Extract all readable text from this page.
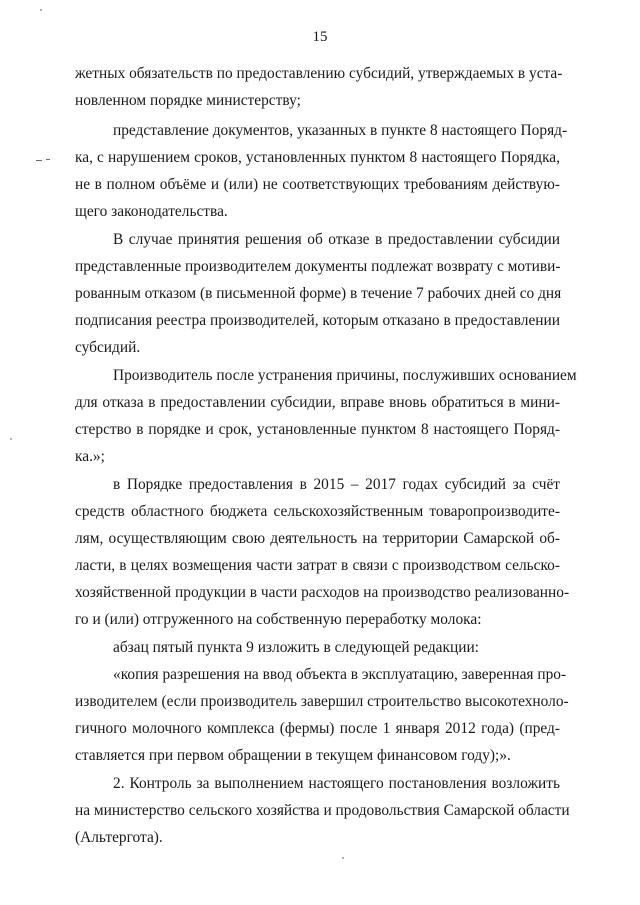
15
жетных обязательств по предоставлению субсидий, утверждаемых в уста-
новленном порядке министерству;
представление документов, указанных в пункте 8 настоящего Поряд-
ка, с нарушением сроков, установленных пунктом 8 настоящего Порядка,
не в полном объёме и (или) не соответствующих требованиям действую-
щего законодательства.
В случае принятия решения об отказе в предоставлении субсидии
представленные производителем документы подлежат возврату с мотиви-
рованным отказом (в письменной форме) в течение 7 рабочих дней со дня
подписания реестра производителей, которым отказано в предоставлении
субсидий.
Производитель после устранения причины, послуживших основанием
для отказа в предоставлении субсидии, вправе вновь обратиться в мини-
стерство в порядке и срок, установленные пунктом 8 настоящего Поряд-
ка.»;
в Порядке предоставления в 2015 – 2017 годах субсидий за счёт
средств областного бюджета сельскохозяйственным товаропроизводите-
лям, осуществляющим свою деятельность на территории Самарской об-
ласти, в целях возмещения части затрат в связи с производством сельско-
хозяйственной продукции в части расходов на производство реализованно-
го и (или) отгруженного на собственную переработку молока:
абзац пятый пункта 9 изложить в следующей редакции:
«копия разрешения на ввод объекта в эксплуатацию, заверенная про-
изводителем (если производитель завершил строительство высокотехноло-
гичного молочного комплекса (фермы) после 1 января 2012 года) (пред-
ставляется при первом обращении в текущем финансовом году);».
2. Контроль за выполнением настоящего постановления возложить
на министерство сельского хозяйства и продовольствия Самарской области
(Альтергота).
